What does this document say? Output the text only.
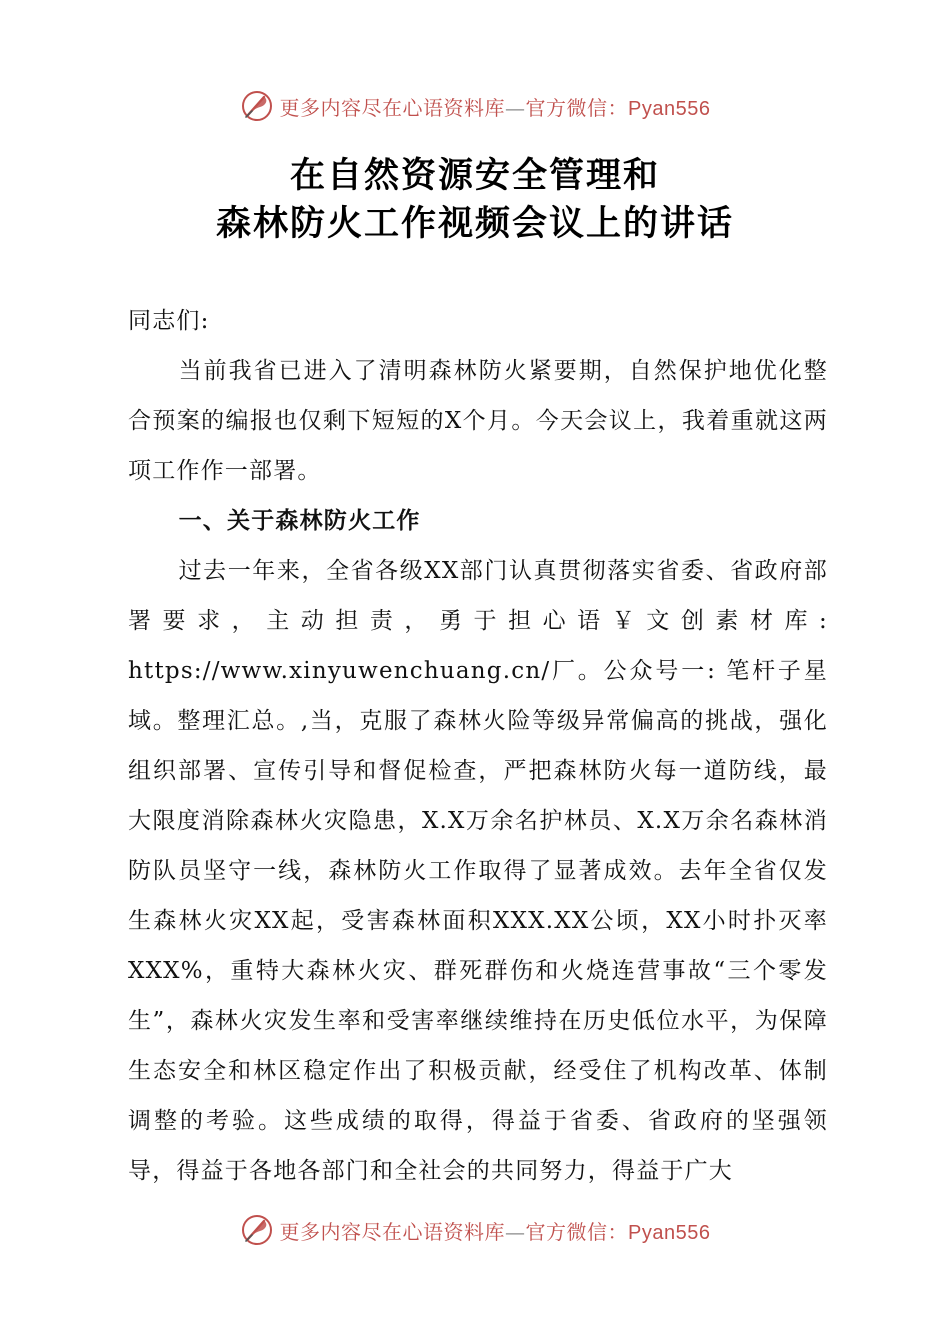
更多内容尽在心语资料库—官方微信：Pyan556
在自然资源安全管理和
森林防火工作视频会议上的讲话

同志们:

当前我省已进入了清明森林防火紧要期，自然保护地优化整合预案的编报也仅剩下短短的X个月。今天会议上，我着重就这两项工作作一部署。

一、关于森林防火工作

过去一年来，全省各级XX部门认真贯彻落实省委、省政府部署要求，主动担责，勇于担心语￥文创素材库: https://www.xinyuwenchuang.cn/厂。公众号一: 笔杆子星域。整理汇总。,当，克服了森林火险等级异常偏高的挑战，强化组织部署、宣传引导和督促检查，严把森林防火每一道防线，最大限度消除森林火灾隐患，X.X万余名护林员、X.X万余名森林消防队员坚守一线，森林防火工作取得了显著成效。去年全省仅发生森林火灾XX起，受害森林面积XXX.XX公顷，XX小时扑灭率XXX%，重特大森林火灾、群死群伤和火烧连营事故“三个零发生”，森林火灾发生率和受害率继续维持在历史低位水平，为保障生态安全和林区稳定作出了积极贡献，经受住了机构改革、体制调整的考验。这些成绩的取得，得益于省委、省政府的坚强领导，得益于各地各部门和全社会的共同努力，得益于广大

更多内容尽在心语资料库—官方微信：Pyan556
